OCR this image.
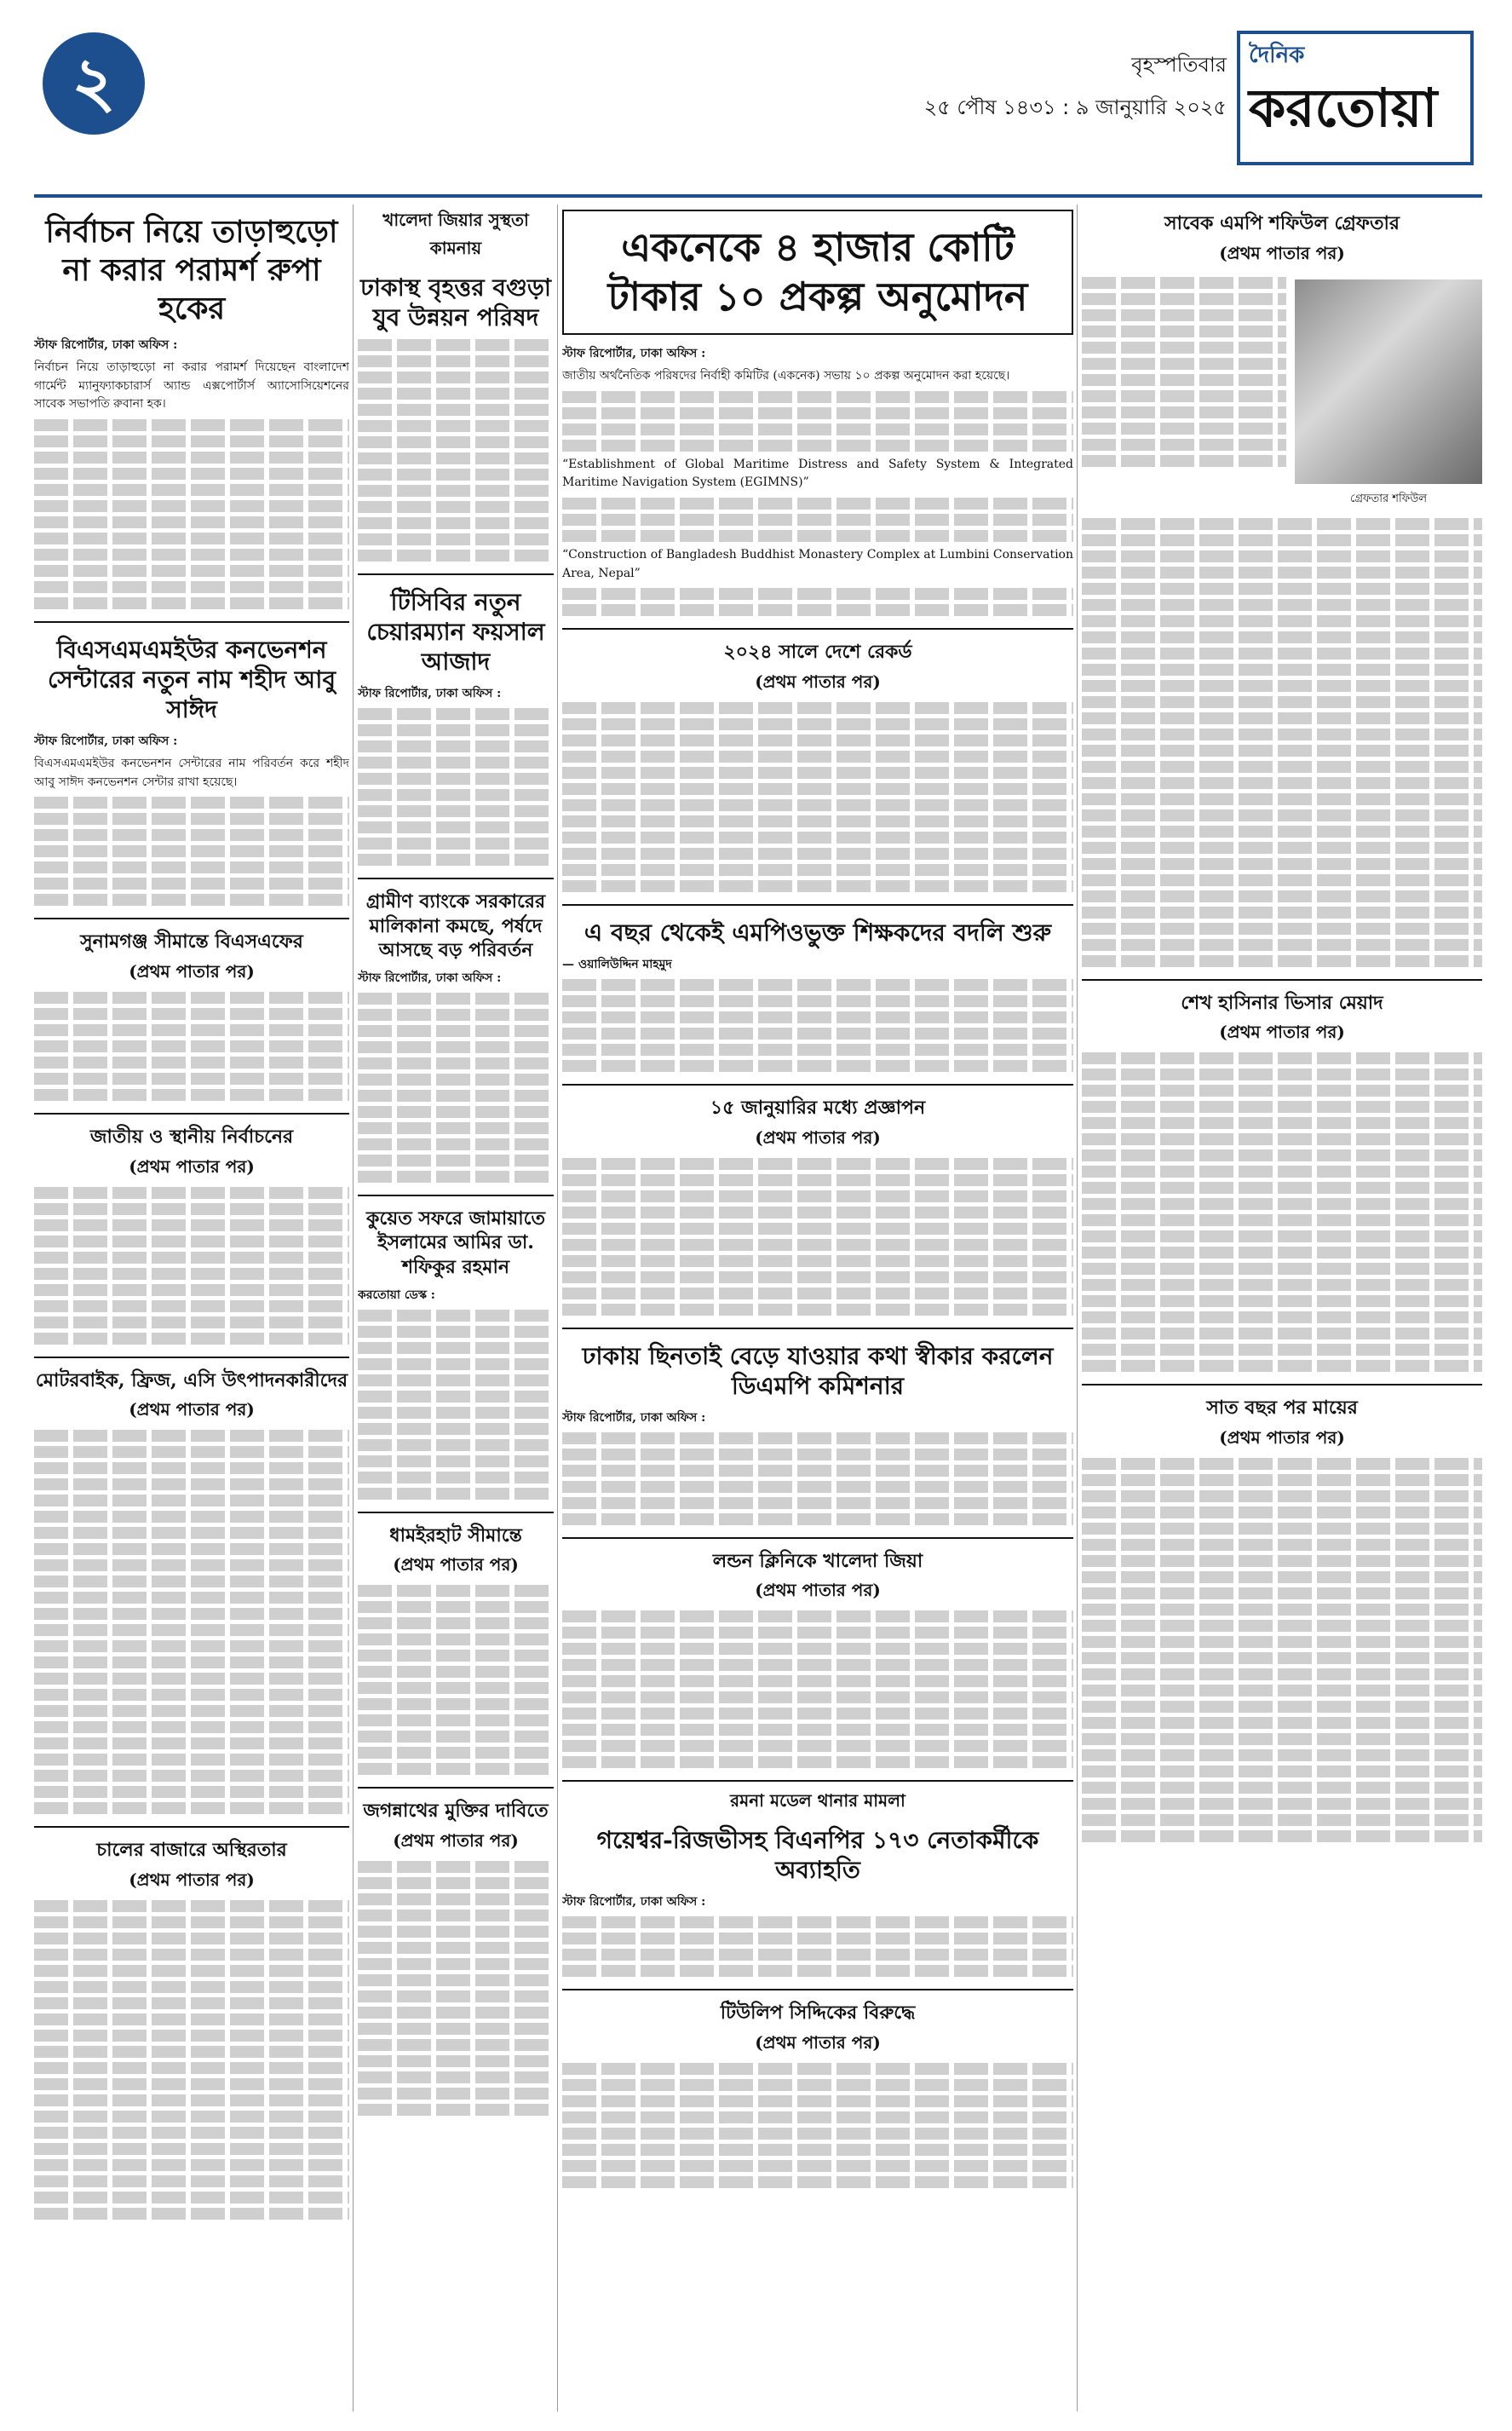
২	বৃহস্পতিবার
২৫ পৌষ ১৪৩১ : ৯ জানুয়ারি ২০২৫
দৈনিক
করতোয়া
নির্বাচন নিয়ে তাড়াহুড়ো না করার পরামর্শ রুপা হকের
স্টাফ রিপোর্টার, ঢাকা অফিস :

নির্বাচন নিয়ে তাড়াহুড়ো না করার পরামর্শ দিয়েছেন বাংলাদেশ গার্মেন্ট ম্যানুফ্যাকচারার্স অ্যান্ড এক্সপোর্টার্স অ্যাসোসিয়েশনের সাবেক সভাপতি রুবানা হক।

বিএসএমএমইউর কনভেনশন সেন্টারের নতুন নাম শহীদ আবু সাঈদ
স্টাফ রিপোর্টার, ঢাকা অফিস :

বিএসএমএমইউর কনভেনশন সেন্টারের নাম পরিবর্তন করে শহীদ আবু সাঈদ কনভেনশন সেন্টার রাখা হয়েছে।

সুনামগঞ্জ সীমান্তে বিএসএফের
(প্রথম পাতার পর)
জাতীয় ও স্থানীয় নির্বাচনের
(প্রথম পাতার পর)
মোটরবাইক, ফ্রিজ, এসি উৎপাদনকারীদের
(প্রথম পাতার পর)
চালের বাজারে অস্থিরতার
(প্রথম পাতার পর)
খালেদা জিয়ার সুস্থতা কামনায়
ঢাকাস্থ বৃহত্তর বগুড়া যুব উন্নয়ন পরিষদ
টিসিবির নতুন চেয়ারম্যান ফয়সাল আজাদ
স্টাফ রিপোর্টার, ঢাকা অফিস :
গ্রামীণ ব্যাংকে সরকারের মালিকানা কমছে, পর্ষদে আসছে বড় পরিবর্তন
স্টাফ রিপোর্টার, ঢাকা অফিস :
কুয়েত সফরে জামায়াতে ইসলামের আমির ডা. শফিকুর রহমান
করতোয়া ডেস্ক :
ধামইরহাট সীমান্তে
(প্রথম পাতার পর)
জগন্নাথের মুক্তির দাবিতে
(প্রথম পাতার পর)
একনেকে ৪ হাজার কোটি টাকার ১০ প্রকল্প অনুমোদন
স্টাফ রিপোর্টার, ঢাকা অফিস :

জাতীয় অর্থনৈতিক পরিষদের নির্বাহী কমিটির (একনেক) সভায় ১০ প্রকল্প অনুমোদন করা হয়েছে।

“Establishment of Global Maritime Distress and Safety System & Integrated Maritime Navigation System (EGIMNS)”

“Construction of Bangladesh Buddhist Monastery Complex at Lumbini Conservation Area, Nepal”

২০২৪ সালে দেশে রেকর্ড
(প্রথম পাতার পর)
এ বছর থেকেই এমপিওভুক্ত শিক্ষকদের বদলি শুরু
— ওয়ালিউদ্দিন মাহমুদ
১৫ জানুয়ারির মধ্যে প্রজ্ঞাপন
(প্রথম পাতার পর)
ঢাকায় ছিনতাই বেড়ে যাওয়ার কথা স্বীকার করলেন ডিএমপি কমিশনার
স্টাফ রিপোর্টার, ঢাকা অফিস :
লন্ডন ক্লিনিকে খালেদা জিয়া
(প্রথম পাতার পর)
রমনা মডেল থানার মামলা
গয়েশ্বর-রিজভীসহ বিএনপির ১৭৩ নেতাকর্মীকে অব্যাহতি
স্টাফ রিপোর্টার, ঢাকা অফিস :
টিউলিপ সিদ্দিকের বিরুদ্ধে
(প্রথম পাতার পর)
সাবেক এমপি শফিউল গ্রেফতার
(প্রথম পাতার পর)
গ্রেফতার শফিউল
শেখ হাসিনার ভিসার মেয়াদ
(প্রথম পাতার পর)
সাত বছর পর মায়ের
(প্রথম পাতার পর)
